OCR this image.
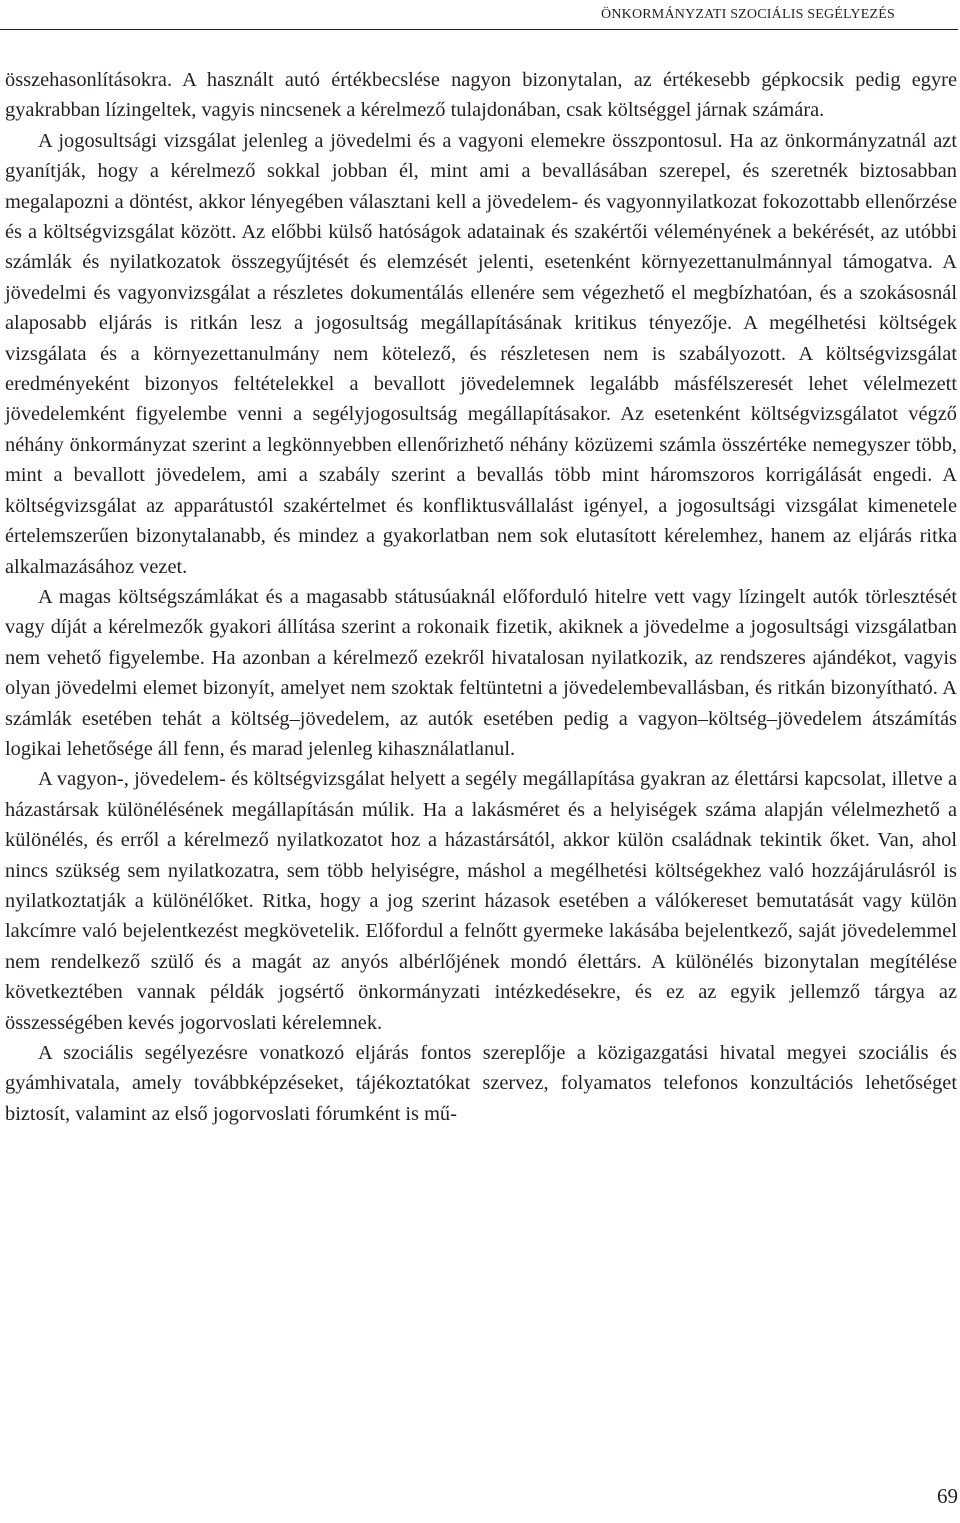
ÖNKORMÁNYZATI SZOCIÁLIS SEGÉLYEZÉS

összehasonlításokra. A használt autó értékbecslése nagyon bizonytalan, az értékesebb gépkocsik pedig egyre gyakrabban lízingeltek, vagyis nincsenek a kérelmező tulajdonában, csak költséggel járnak számára.

A jogosultsági vizsgálat jelenleg a jövedelmi és a vagyoni elemekre összpontosul. Ha az önkormányzatnál azt gyanítják, hogy a kérelmező sokkal jobban él, mint ami a bevallásában szerepel, és szeretnék biztosabban megalapozni a döntést, akkor lényegében választani kell a jövedelem- és vagyonnyilatkozat fokozottabb ellenőrzése és a költségvizsgálat között. Az előbbi külső hatóságok adatainak és szakértői véleményének a bekérését, az utóbbi számlák és nyilatkozatok összegyűjtését és elemzését jelenti, esetenként környezettanulmánnyal támogatva. A jövedelmi és vagyonvizsgálat a részletes dokumentálás ellenére sem végezhető el megbízhatóan, és a szokásosnál alaposabb eljárás is ritkán lesz a jogosultság megállapításának kritikus tényezője. A megélhetési költségek vizsgálata és a környezettanulmány nem kötelező, és részletesen nem is szabályozott. A költségvizsgálat eredményeként bizonyos feltételekkel a bevallott jövedelemnek legalább másfélszeresét lehet vélelmezett jövedelemként figyelembe venni a segélyjogosultság megállapításakor. Az esetenként költségvizsgálatot végző néhány önkormányzat szerint a legkönnyebben ellenőrizhető néhány közüzemi számla összértéke nemegyszer több, mint a bevallott jövedelem, ami a szabály szerint a bevallás több mint háromszoros korrigálását engedi. A költségvizsgálat az apparátustól szakértelmet és konfliktusvállalást igényel, a jogosultsági vizsgálat kimenetele értelemszerűen bizonytalanabb, és mindez a gyakorlatban nem sok elutasított kérelemhez, hanem az eljárás ritka alkalmazásához vezet.

A magas költségszámlákat és a magasabb státusúaknál előforduló hitelre vett vagy lízingelt autók törlesztését vagy díját a kérelmezők gyakori állítása szerint a rokonaik fizetik, akiknek a jövedelme a jogosultsági vizsgálatban nem vehető figyelembe. Ha azonban a kérelmező ezekről hivatalosan nyilatkozik, az rendszeres ajándékot, vagyis olyan jövedelmi elemet bizonyít, amelyet nem szoktak feltüntetni a jövedelembevallásban, és ritkán bizonyítható. A számlák esetében tehát a költség–jövedelem, az autók esetében pedig a vagyon–költség–jövedelem átszámítás logikai lehetősége áll fenn, és marad jelenleg kihasználatlanul.

A vagyon-, jövedelem- és költségvizsgálat helyett a segély megállapítása gyakran az élettársi kapcsolat, illetve a házastársak különélésének megállapításán múlik. Ha a lakásméret és a helyiségek száma alapján vélelmezhető a különélés, és erről a kérelmező nyilatkozatot hoz a házastársától, akkor külön családnak tekintik őket. Van, ahol nincs szükség sem nyilatkozatra, sem több helyiségre, máshol a megélhetési költségekhez való hozzájárulásról is nyilatkoztatják a különélőket. Ritka, hogy a jog szerint házasok esetében a válókereset bemutatását vagy külön lakcímre való bejelentkezést megkövetelik. Előfordul a felnőtt gyermeke lakásába bejelentkező, saját jövedelemmel nem rendelkező szülő és a magát az anyós albérlőjének mondó élettárs. A különélés bizonytalan megítélése következtében vannak példák jogsértő önkormányzati intézkedésekre, és ez az egyik jellemző tárgya az összességében kevés jogorvoslati kérelemnek.

A szociális segélyezésre vonatkozó eljárás fontos szereplője a közigazgatási hivatal megyei szociális és gyámhivatala, amely továbbképzéseket, tájékoztatókat szervez, folyamatos telefonos konzultációs lehetőséget biztosít, valamint az első jogorvoslati fórumként is mű-

69
